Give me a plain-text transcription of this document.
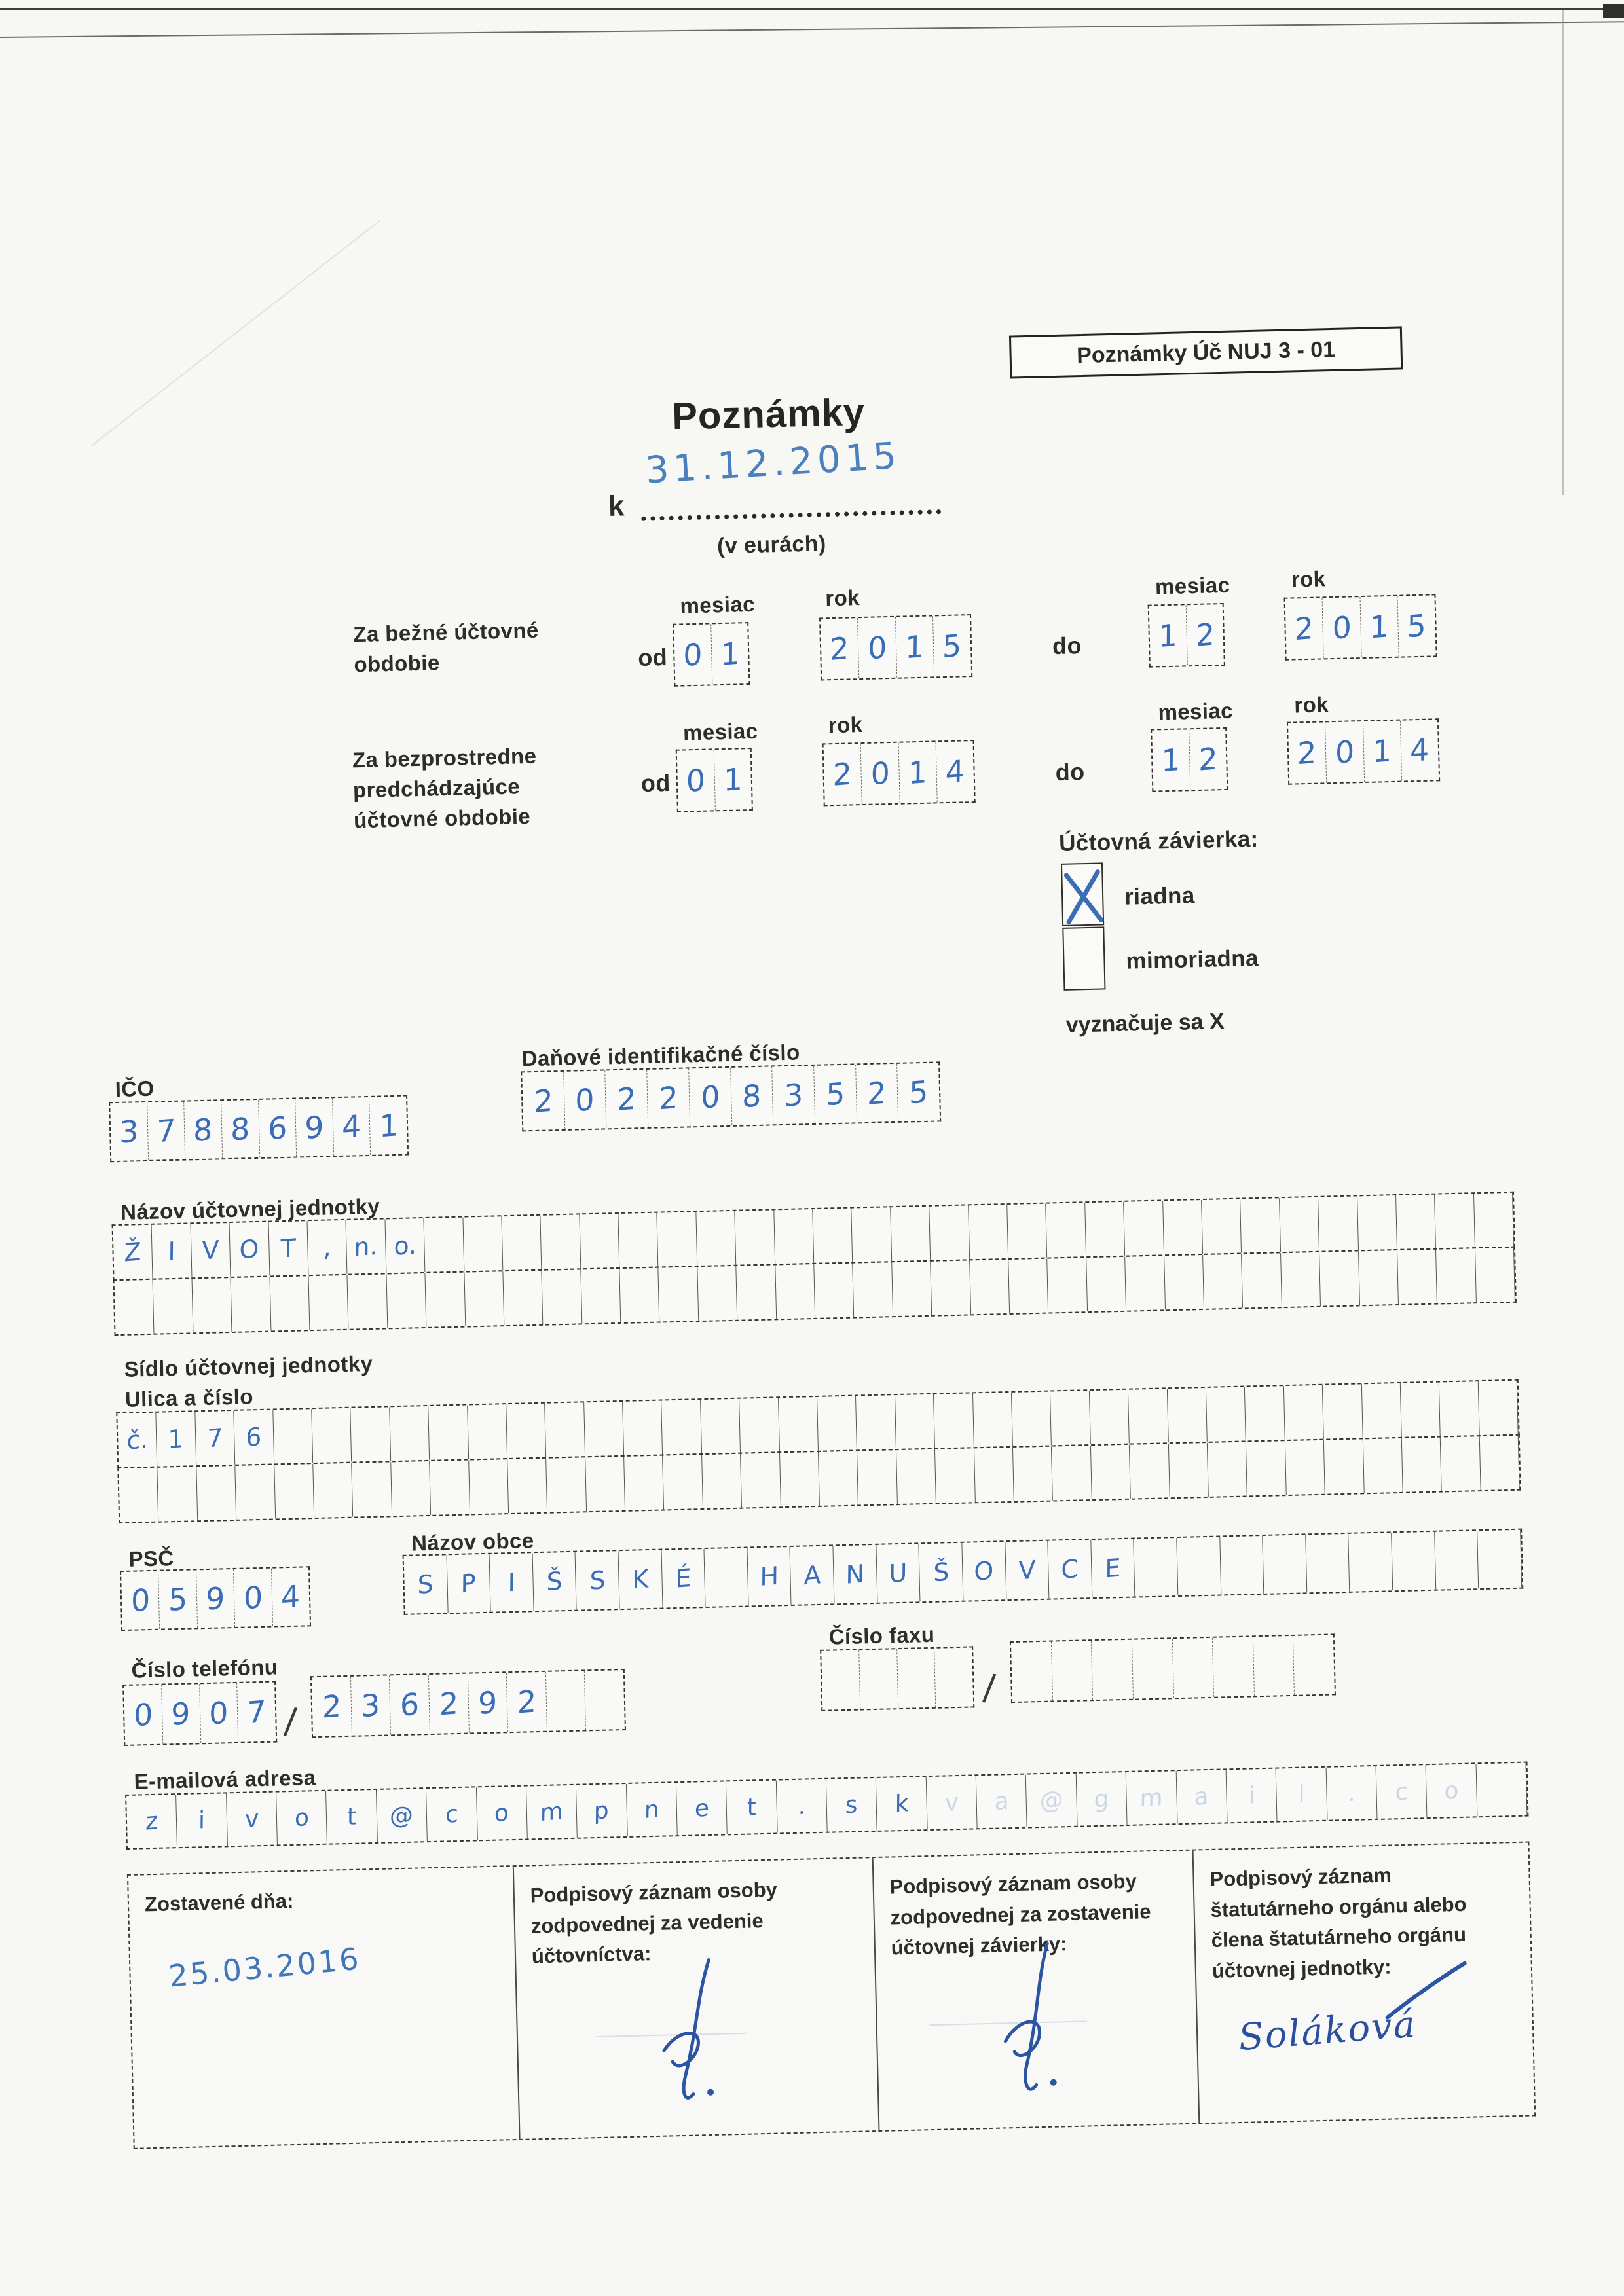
Poznámky Úč NUJ 3 - 01
Poznámky
31.12.2015
k
(v eurách)
Za bežné účtovné obdobie
mesiac	rok
od 0 1	2 0 1 5	do
mesiac	rok
1 2	2 0 1 5
Za bezprostredne predchádzajúce účtovné obdobie
mesiac	rok
od 0 1	2 0 1 4	do
mesiac	rok
1 2	2 0 1 4
Účtovná závierka:
riadna
mimoriadna
vyznačuje sa X
IČO
3 7 8 8 6 9 4 1
Daňové identifikačné číslo
2 0 2 2 0 8 3 5 2 5
Názov účtovnej jednotky
Ž I V O T , n. o.
Sídlo účtovnej jednotky
Ulica a číslo
č. 1 7 6
PSČ
0 5 9 0 4
Názov obce
S P I Š S K É	H A N U Š O V C E
Číslo telefónu
0 9 0 7 / 2 3 6 2 9 2
Číslo faxu
/
E-mailová adresa
z i v o t @ c o m p n e t . s k v a @ g m a i l . c o
Zostavené dňa:
25.03.2016
Podpisový záznam osoby zodpovednej za vedenie účtovníctva:
Podpisový záznam osoby zodpovednej za zostavenie účtovnej závierky:
Podpisový záznam štatutárneho orgánu alebo člena štatutárneho orgánu účtovnej jednotky:
Soláková
